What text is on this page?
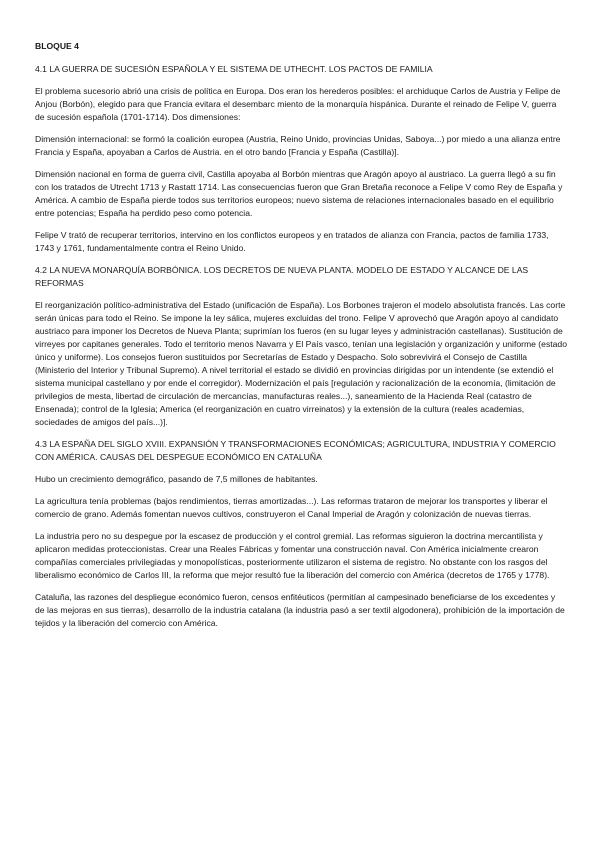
BLOQUE 4
4.1 LA GUERRA DE SUCESIÓN ESPAÑOLA Y EL SISTEMA DE UTHECHT. LOS PACTOS DE FAMILIA

El problema sucesorio abrió una crisis de política en Europa. Dos eran los herederos posibles: el archiduque Carlos de Austria y Felipe de Anjou (Borbón), elegido para que Francia evitara el desembarc miento de la monarquía hispánica. Durante el reinado de Felipe V, guerra de sucesión española (1701-1714). Dos dimensiones:

Dimensión internacional: se formó la coalición europea (Austria, Reino Unido, provincias Unidas, Saboya...) por miedo a una alianza entre Francia y España, apoyaban a Carlos de Austria. en el otro bando [Francia y España (Castilla)].

Dimensión nacional en forma de guerra civil, Castilla apoyaba al Borbón mientras que Aragón apoyo al austriaco. La guerra llegó a su fin con los tratados de Utrecht 1713 y Rastatt 1714. Las consecuencias fueron que Gran Bretaña reconoce a Felipe V como Rey de España y América. A cambio de España pierde todos sus territorios europeos; nuevo sistema de relaciones internacionales basado en el equilibrio entre potencias; España ha perdido peso como potencia.

Felipe V trató de recuperar territorios, intervino en los conflictos europeos y en tratados de alianza con Francia, pactos de familia 1733, 1743 y 1761, fundamentalmente contra el Reino Unido.

4.2 LA NUEVA MONARQUÍA BORBÓNICA. LOS DECRETOS DE NUEVA PLANTA. MODELO DE ESTADO Y ALCANCE DE LAS REFORMAS

El reorganización político-administrativa del Estado (unificación de España). Los Borbones trajeron el modelo absolutista francés. Las corte serán únicas para todo el Reino. Se impone la ley sálica, mujeres excluidas del trono. Felipe V aprovechó que Aragón apoyo al candidato austriaco para imponer los Decretos de Nueva Planta; suprimían los fueros (en su lugar leyes y administración castellanas). Sustitución de virreyes por capitanes generales. Todo el territorio menos Navarra y El País vasco, tenían una legislación y organización y uniforme (estado único y uniforme). Los consejos fueron sustituidos por Secretarías de Estado y Despacho. Solo sobrevivirá el Consejo de Castilla (Ministerio del Interior y Tribunal Supremo). A nivel territorial el estado se dividió en provincias dirigidas por un intendente (se extendió el sistema municipal castellano y por ende el corregidor). Modernización el país [regulación y racionalización de la economía, (limitación de privilegios de mesta, libertad de circulación de mercancías, manufacturas reales...), saneamiento de la Hacienda Real (catastro de Ensenada); control de la Iglesia; America (el reorganización en cuatro virreinatos) y la extensión de la cultura (reales academias, sociedades de amigos del país...)].

4.3 LA ESPAÑA DEL SIGLO XVIII. EXPANSIÓN Y TRANSFORMACIONES ECONÓMICAS; AGRICULTURA, INDUSTRIA Y COMERCIO CON AMÉRICA. CAUSAS DEL DESPEGUE ECONÓMICO EN CATALUÑA

Hubo un crecimiento demográfico, pasando de 7,5 millones de habitantes.

La agricultura tenía problemas (bajos rendimientos, tierras amortizadas...). Las reformas trataron de mejorar los transportes y liberar el comercio de grano. Además fomentan nuevos cultivos, construyeron el Canal Imperial de Aragón y colonización de nuevas tierras.

La industria pero no su despegue por la escasez de producción y el control gremial. Las reformas siguieron la doctrina mercantilista y aplicaron medidas proteccionistas. Crear una Reales Fábricas y fomentar una construcción naval. Con América inicialmente crearon compañías comerciales privilegiadas y monopolísticas, posteriormente utilizaron el sistema de registro. No obstante con los rasgos del liberalismo económico de Carlos III, la reforma que mejor resultó fue la liberación del comercio con América (decretos de 1765 y 1778).

Cataluña, las razones del despliegue económico fueron, censos enfitéuticos (permitían al campesinado beneficiarse de los excedentes y de las mejoras en sus tierras), desarrollo de la industria catalana (la industria pasó a ser textil algodonera), prohibición de la importación de tejidos y la liberación del comercio con América.
